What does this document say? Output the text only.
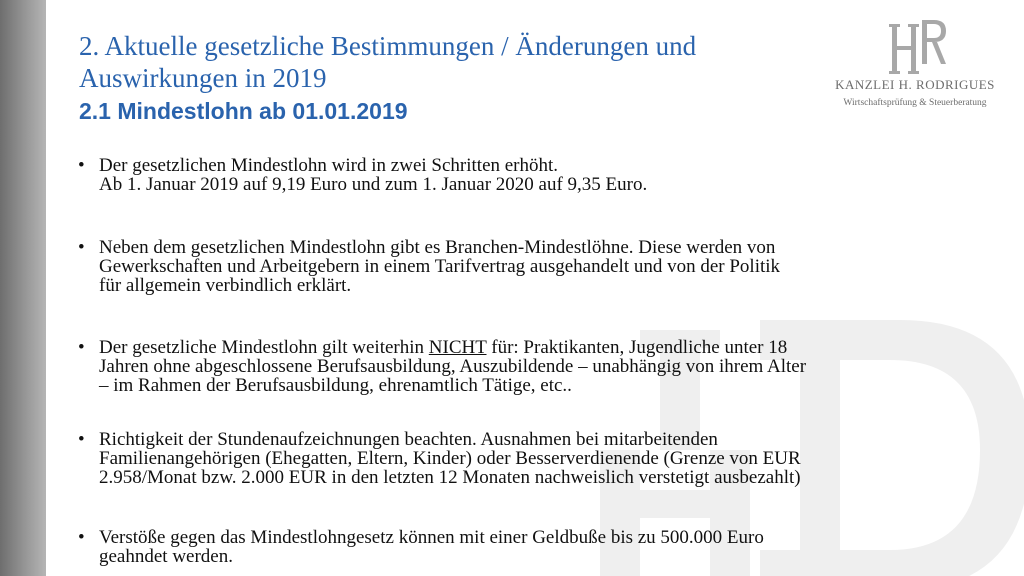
2. Aktuelle gesetzliche Bestimmungen / Änderungen und Auswirkungen in 2019
2.1 Mindestlohn ab 01.01.2019
KANZLEI H. RODRIGUES
Wirtschaftsprüfung & Steuerberatung
• Der gesetzlichen Mindestlohn wird in zwei Schritten erhöht.
Ab 1. Januar 2019 auf 9,19 Euro und zum 1. Januar 2020 auf 9,35 Euro.
• Neben dem gesetzlichen Mindestlohn gibt es Branchen-Mindestlöhne. Diese werden von
Gewerkschaften und Arbeitgebern in einem Tarifvertrag ausgehandelt und von der Politik
für allgemein verbindlich erklärt.
• Der gesetzliche Mindestlohn gilt weiterhin NICHT für: Praktikanten, Jugendliche unter 18
Jahren ohne abgeschlossene Berufsausbildung, Auszubildende – unabhängig von ihrem Alter
– im Rahmen der Berufsausbildung, ehrenamtlich Tätige, etc..
• Richtigkeit der Stundenaufzeichnungen beachten. Ausnahmen bei mitarbeitenden
Familienangehörigen (Ehegatten, Eltern, Kinder) oder Besserverdienende (Grenze von EUR
2.958/Monat bzw. 2.000 EUR in den letzten 12 Monaten nachweislich verstetigt ausbezahlt)
• Verstöße gegen das Mindestlohngesetz können mit einer Geldbuße bis zu 500.000 Euro
geahndet werden.
